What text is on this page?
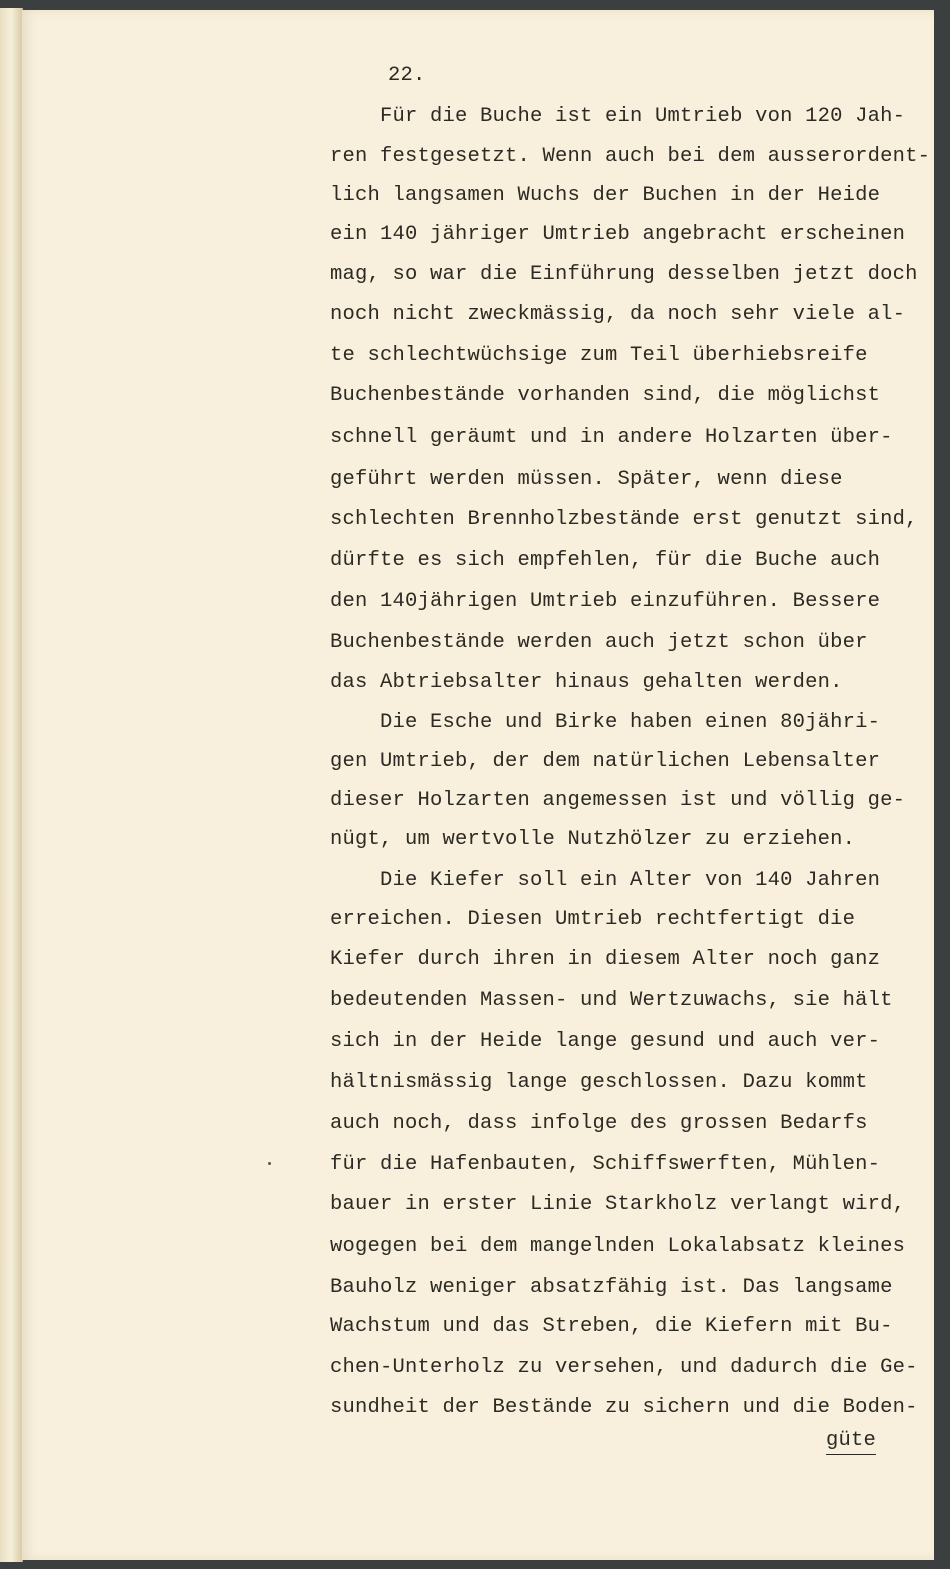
22.

Für die Buche ist ein Umtrieb von 120 Jah-

ren festgesetzt. Wenn auch bei dem ausserordent-

lich langsamen Wuchs der Buchen in der Heide

ein 140 jähriger Umtrieb angebracht erscheinen

mag, so war die Einführung desselben jetzt doch

noch nicht zweckmässig, da noch sehr viele al-

te schlechtwüchsige zum Teil überhiebsreife

Buchenbestände vorhanden sind, die möglichst

schnell geräumt und in andere Holzarten über-

geführt werden müssen. Später, wenn diese

schlechten Brennholzbestände erst genutzt sind,

dürfte es sich empfehlen, für die Buche auch

den 140jährigen Umtrieb einzuführen. Bessere

Buchenbestände werden auch jetzt schon über

das Abtriebsalter hinaus gehalten werden.

Die Esche und Birke haben einen 80jähri-

gen Umtrieb, der dem natürlichen Lebensalter

dieser Holzarten angemessen ist und völlig ge-

nügt, um wertvolle Nutzhölzer zu erziehen.

Die Kiefer soll ein Alter von 140 Jahren

erreichen. Diesen Umtrieb rechtfertigt die

Kiefer durch ihren in diesem Alter noch ganz

bedeutenden Massen- und Wertzuwachs, sie hält

sich in der Heide lange gesund und auch ver-

hältnismässig lange geschlossen. Dazu kommt

auch noch, dass infolge des grossen Bedarfs

für die Hafenbauten, Schiffswerften, Mühlen-

bauer in erster Linie Starkholz verlangt wird,

wogegen bei dem mangelnden Lokalabsatz kleines

Bauholz weniger absatzfähig ist. Das langsame

Wachstum und das Streben, die Kiefern mit Bu-

chen-Unterholz zu versehen, und dadurch die Ge-

sundheit der Bestände zu sichern und die Boden-

güte
